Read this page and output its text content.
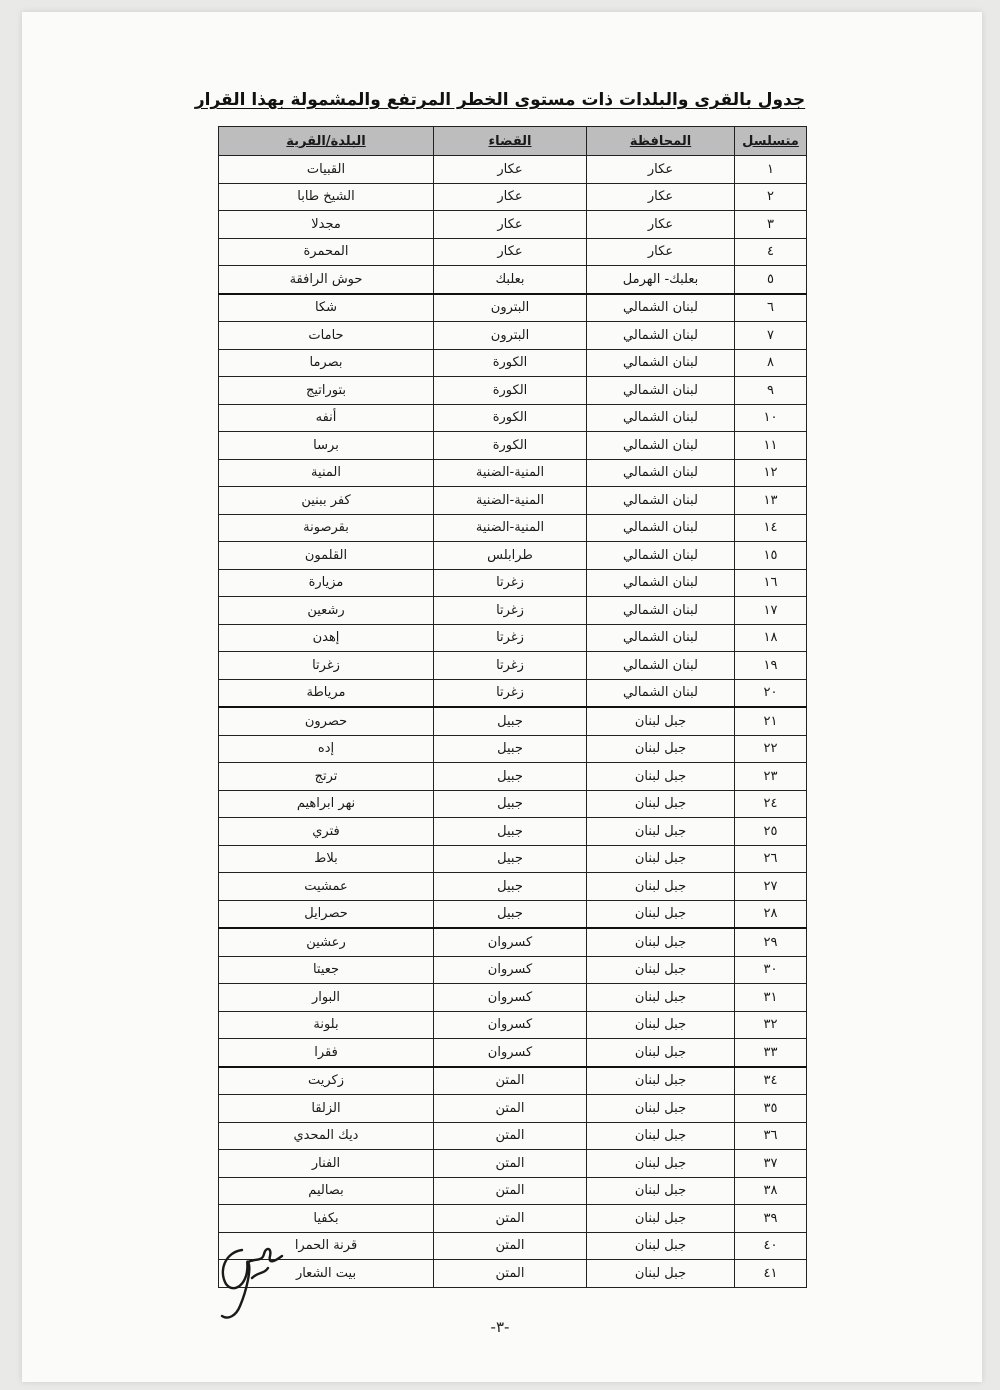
جدول بالقرى والبلدات ذات مستوى الخطر المرتفع والمشمولة بهذا القرار
متسلسل	المحافظة	القضاء	البلدة/القرية
١	عكار	عكار	القبيات
٢	عكار	عكار	الشيخ طابا
٣	عكار	عكار	مجدلا
٤	عكار	عكار	المحمرة
٥	بعلبك- الهرمل	بعلبك	حوش الرافقة
٦	لبنان الشمالي	البترون	شكا
٧	لبنان الشمالي	البترون	حامات
٨	لبنان الشمالي	الكورة	بصرما
٩	لبنان الشمالي	الكورة	بتوراتيج
١٠	لبنان الشمالي	الكورة	أنفه
١١	لبنان الشمالي	الكورة	برسا
١٢	لبنان الشمالي	المنية-الضنية	المنية
١٣	لبنان الشمالي	المنية-الضنية	كفر ببنين
١٤	لبنان الشمالي	المنية-الضنية	بقرصونة
١٥	لبنان الشمالي	طرابلس	القلمون
١٦	لبنان الشمالي	زغرتا	مزيارة
١٧	لبنان الشمالي	زغرتا	رشعين
١٨	لبنان الشمالي	زغرتا	إهدن
١٩	لبنان الشمالي	زغرتا	زغرتا
٢٠	لبنان الشمالي	زغرتا	مرياطة
٢١	جبل لبنان	جبيل	حصرون
٢٢	جبل لبنان	جبيل	إده
٢٣	جبل لبنان	جبيل	ترتج
٢٤	جبل لبنان	جبيل	نهر ابراهيم
٢٥	جبل لبنان	جبيل	فتري
٢٦	جبل لبنان	جبيل	بلاط
٢٧	جبل لبنان	جبيل	عمشيت
٢٨	جبل لبنان	جبيل	حصرايل
٢٩	جبل لبنان	كسروان	رعشين
٣٠	جبل لبنان	كسروان	جعيتا
٣١	جبل لبنان	كسروان	البوار
٣٢	جبل لبنان	كسروان	بلونة
٣٣	جبل لبنان	كسروان	فقرا
٣٤	جبل لبنان	المتن	زكريت
٣٥	جبل لبنان	المتن	الزلقا
٣٦	جبل لبنان	المتن	ديك المحدي
٣٧	جبل لبنان	المتن	الفنار
٣٨	جبل لبنان	المتن	بصاليم
٣٩	جبل لبنان	المتن	بكفيا
٤٠	جبل لبنان	المتن	قرنة الحمرا
٤١	جبل لبنان	المتن	بيت الشعار
-٣-
